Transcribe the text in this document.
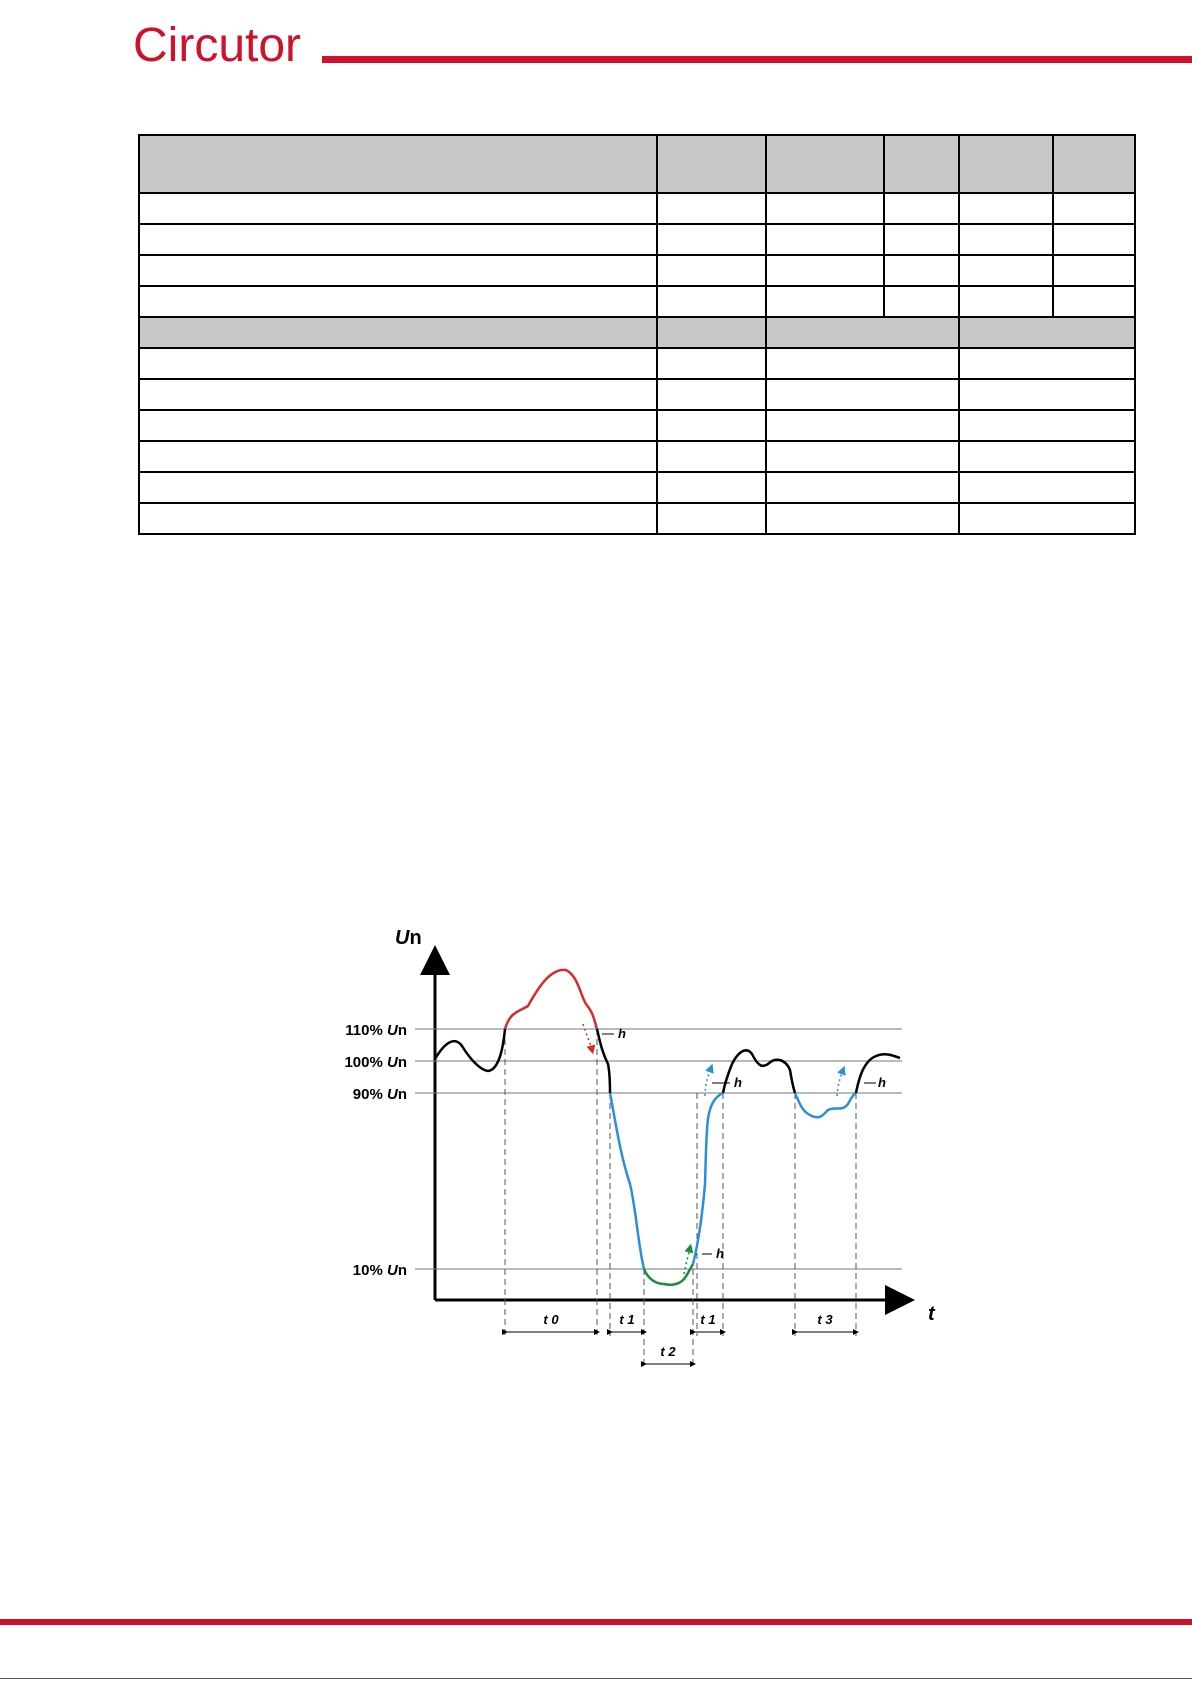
Circutor

Un
t
110% Un
100% Un
90% Un
10% Un
h
h
h
h
t 0	t 1	t 1	t 3
t 2
